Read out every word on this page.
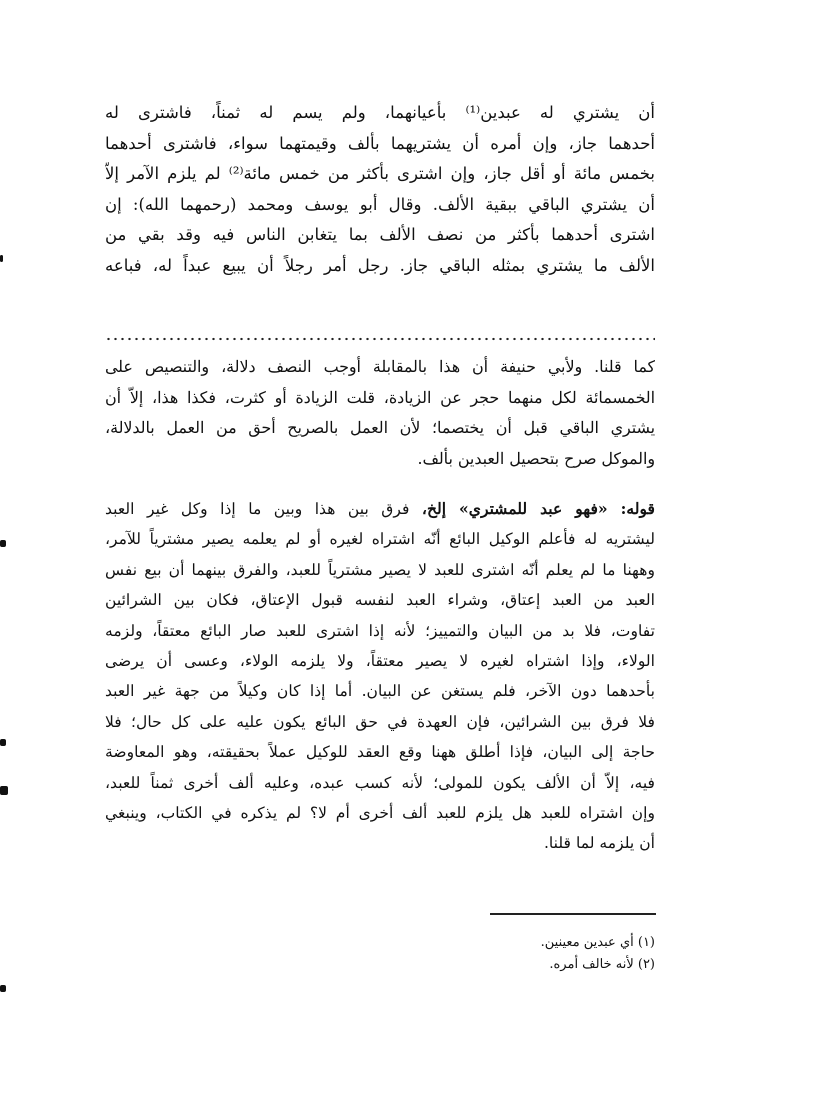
أن يشتري له عبدين⁽¹⁾ بأعيانهما، ولم يسم له ثمناً، فاشترى له
أحدهما جاز، وإن أمره أن يشتريهما بألف وقيمتهما سواء، فاشترى أحدهما
بخمس مائة أو أقل جاز، وإن اشترى بأكثر من خمس مائة⁽²⁾ لم يلزم الآمر إلاّ
أن يشتري الباقي ببقية الألف. وقال أبو يوسف ومحمد (رحمهما الله): إن
اشترى أحدهما بأكثر من نصف الألف بما يتغابن الناس فيه وقد بقي من
الألف ما يشتري بمثله الباقي جاز. رجل أمر رجلاً أن يبيع عبداً له، فباعه
كما قلنا. ولأبي حنيفة أن هذا بالمقابلة أوجب النصف دلالة، والتنصيص على
الخمسمائة لكل منهما حجر عن الزيادة، قلت الزيادة أو كثرت، فكذا هذا، إلاّ أن
يشتري الباقي قبل أن يختصما؛ لأن العمل بالصريح أحق من العمل بالدلالة،
والموكل صرح بتحصيل العبدين بألف.
قوله: «فهو عبد للمشتري» إلخ، فرق بين هذا وبين ما إذا وكل غير العبد
ليشتريه له فأعلم الوكيل البائع أنّه اشتراه لغيره أو لم يعلمه يصير مشترياً للآمر،
وههنا ما لم يعلم أنّه اشترى للعبد لا يصير مشترياً للعبد، والفرق بينهما أن بيع نفس
العبد من العبد إعتاق، وشراء العبد لنفسه قبول الإعتاق، فكان بين الشرائين
تفاوت، فلا بد من البيان والتمييز؛ لأنه إذا اشترى للعبد صار البائع معتقاً، ولزمه
الولاء، وإذا اشتراه لغيره لا يصير معتقاً، ولا يلزمه الولاء، وعسى أن يرضى
بأحدهما دون الآخر، فلم يستغن عن البيان. أما إذا كان وكيلاً من جهة غير العبد
فلا فرق بين الشرائين، فإن العهدة في حق البائع يكون عليه على كل حال؛ فلا
حاجة إلى البيان، فإذا أطلق ههنا وقع العقد للوكيل عملاً بحقيقته، وهو المعاوضة
فيه، إلاّ أن الألف يكون للمولى؛ لأنه كسب عبده، وعليه ألف أخرى ثمناً للعبد،
وإن اشتراه للعبد هل يلزم للعبد ألف أخرى أم لا؟ لم يذكره في الكتاب، وينبغي
أن يلزمه لما قلنا.
(١) أي عبدين معينين.
(٢) لأنه خالف أمره.
